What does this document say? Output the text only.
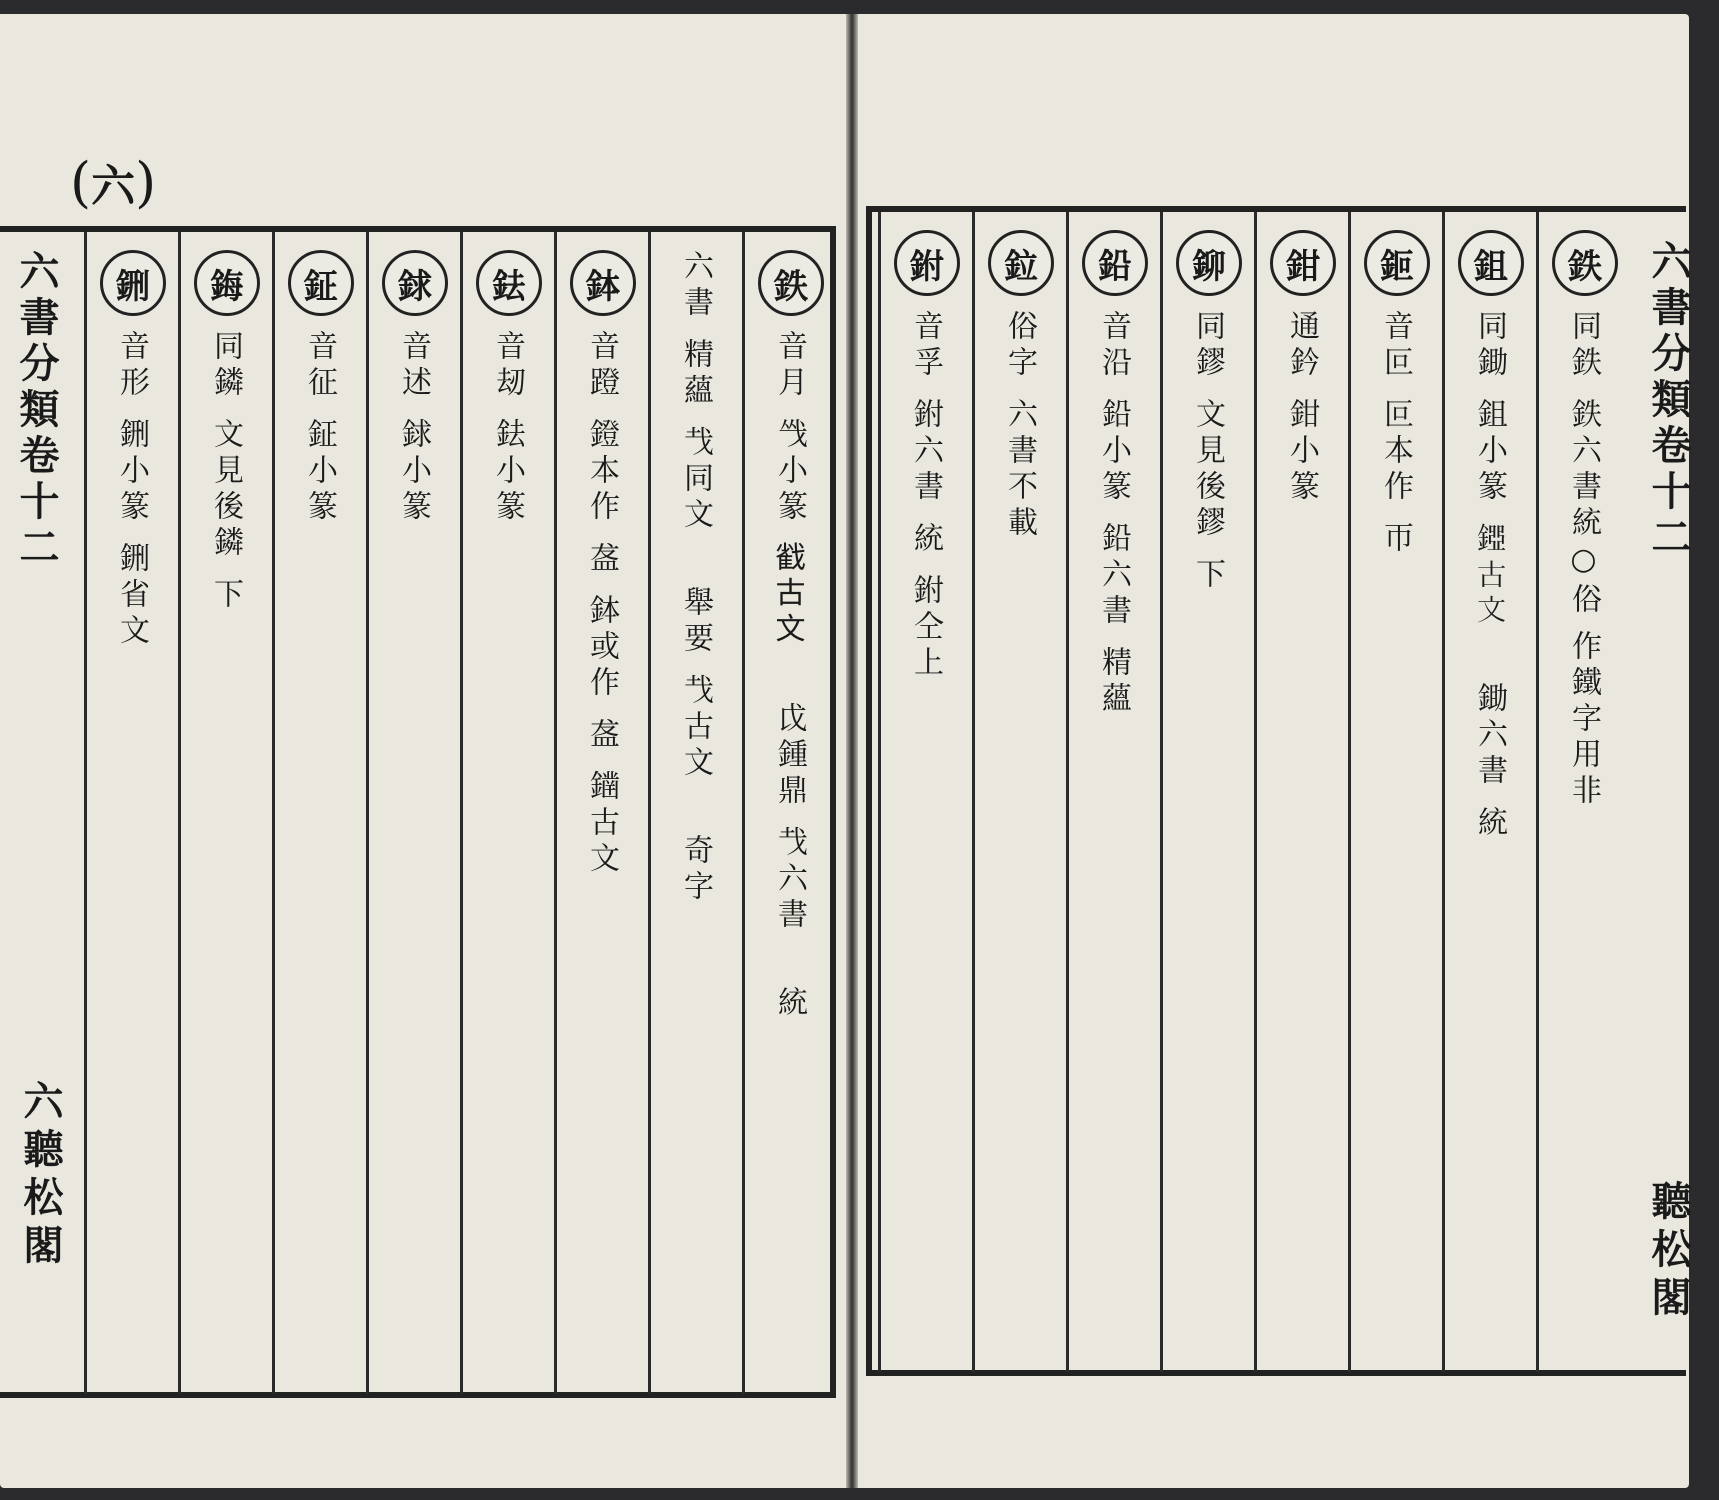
(六)
六書分類卷十二
六聽松閣
鉄
音月
㦰小篆
𢧵古文
戉鍾鼎
𢦏六書
統
六書
精蘊
𢦏同文
舉要
𢦏古文
奇字
鉢
音蹬
鐙本作
盋
鉢或作
盋
𨬭古文
鉣
音刼
鉣小篆
銶
音述
銶小篆
鉦
音征
鉦小篆
鋂
同鏻
文見後鏻
下
鉶
音形
鉶小篆
鉶省文
鉄
同鉄
鉄六書統○俗
作鐵字用非
鉏
同鋤
鉏小篆
𨪐古文
鋤六書
統
鉕
音叵
叵本作
帀
鉗
通鈐
鉗小篆
鉚
同鏐
文見後鏐
下
鉛
音沿
鉛小篆
鉛六書
精蘊
鉝
俗字
六書不載
鉜
音孚
鉜六書
統
鉜仝上
六書分類卷十二
聽松閣
